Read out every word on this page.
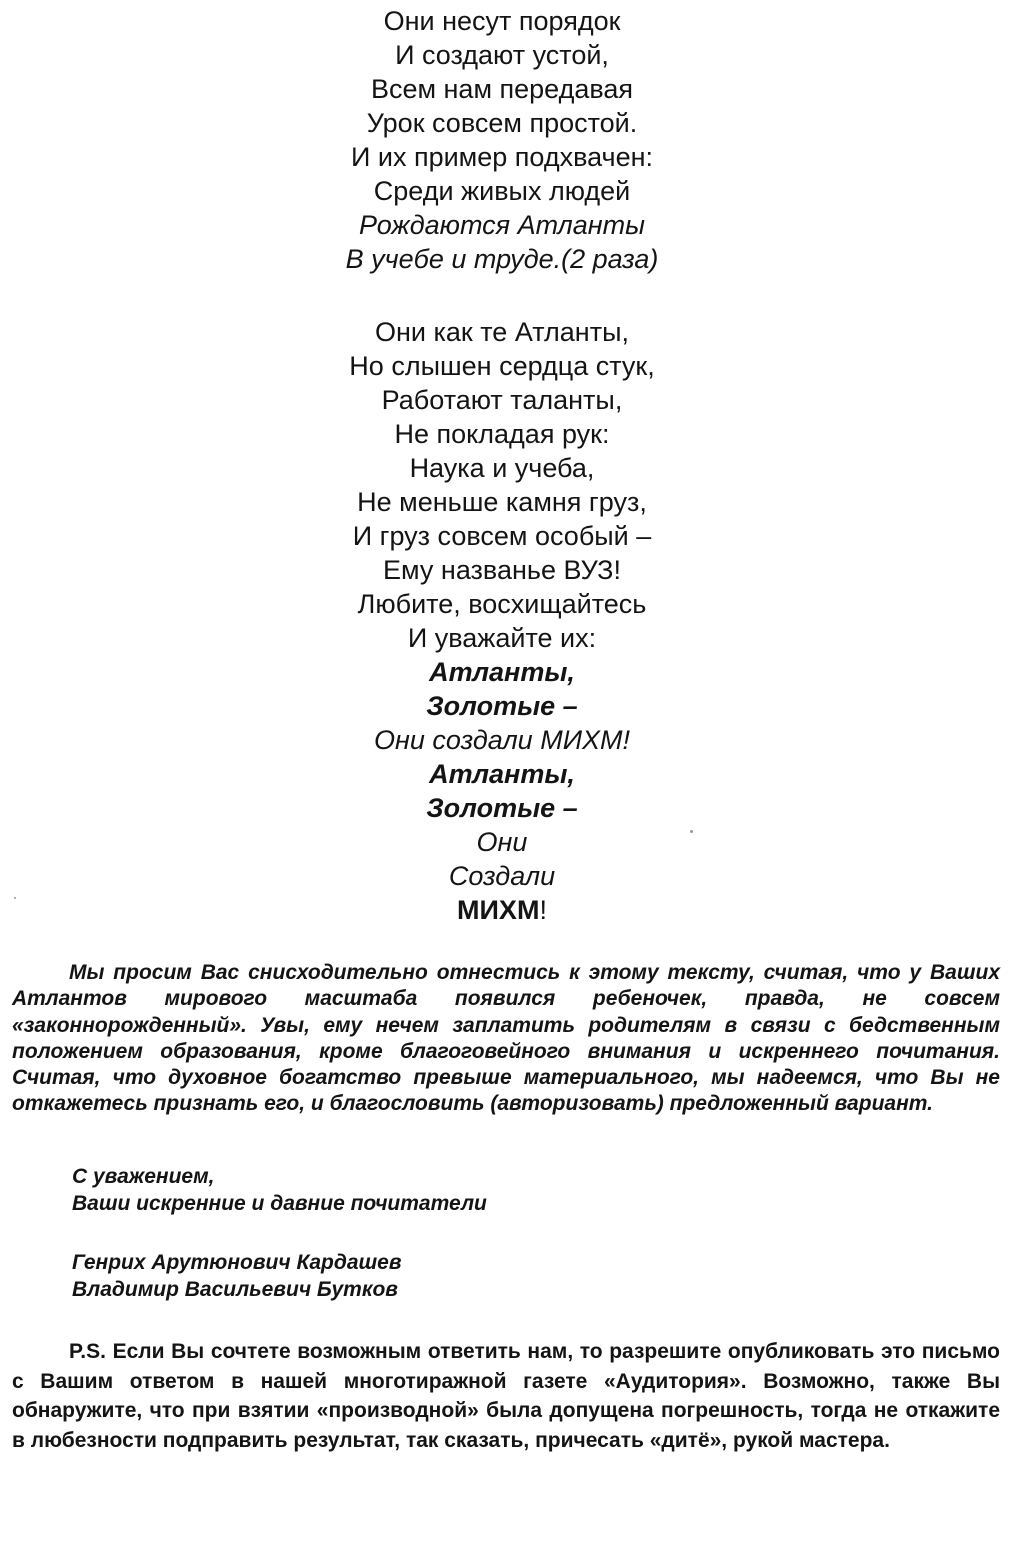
Они несут порядок
И создают устой,
Всем нам передавая
Урок совсем простой.
И их пример подхвачен:
Среди живых людей
Рождаются Атланты
В учебе и труде.(2 раза)
Они как те Атланты,
Но слышен сердца стук,
Работают таланты,
Не покладая рук:
Наука и учеба,
Не меньше камня груз,
И груз совсем особый –
Ему названье ВУЗ!
Любите, восхищайтесь
И уважайте их:
Атланты,
Золотые –
Они создали МИХМ!
Атланты,
Золотые –
Они
Создали
МИХМ!

Мы просим Вас снисходительно отнестись к этому тексту, считая, что у Ваших Атлантов мирового масштаба появился ребеночек, правда, не совсем «законнорожденный». Увы, ему нечем заплатить родителям в связи с бедственным положением образования, кроме благоговейного внимания и искреннего почитания. Считая, что духовное богатство превыше материального, мы надеемся, что Вы не откажетесь признать его, и благословить (авторизовать) предложенный вариант.

С уважением,
Ваши искренние и давние почитатели
Генрих Арутюнович Кардашев
Владимир Васильевич Бутков

P.S. Если Вы сочтете возможным ответить нам, то разрешите опубликовать это письмо с Вашим ответом в нашей многотиражной газете «Аудитория». Возможно, также Вы обнаружите, что при взятии «производной» была допущена погрешность, тогда не откажите в любезности подправить результат, так сказать, причесать «дитё», рукой мастера.
